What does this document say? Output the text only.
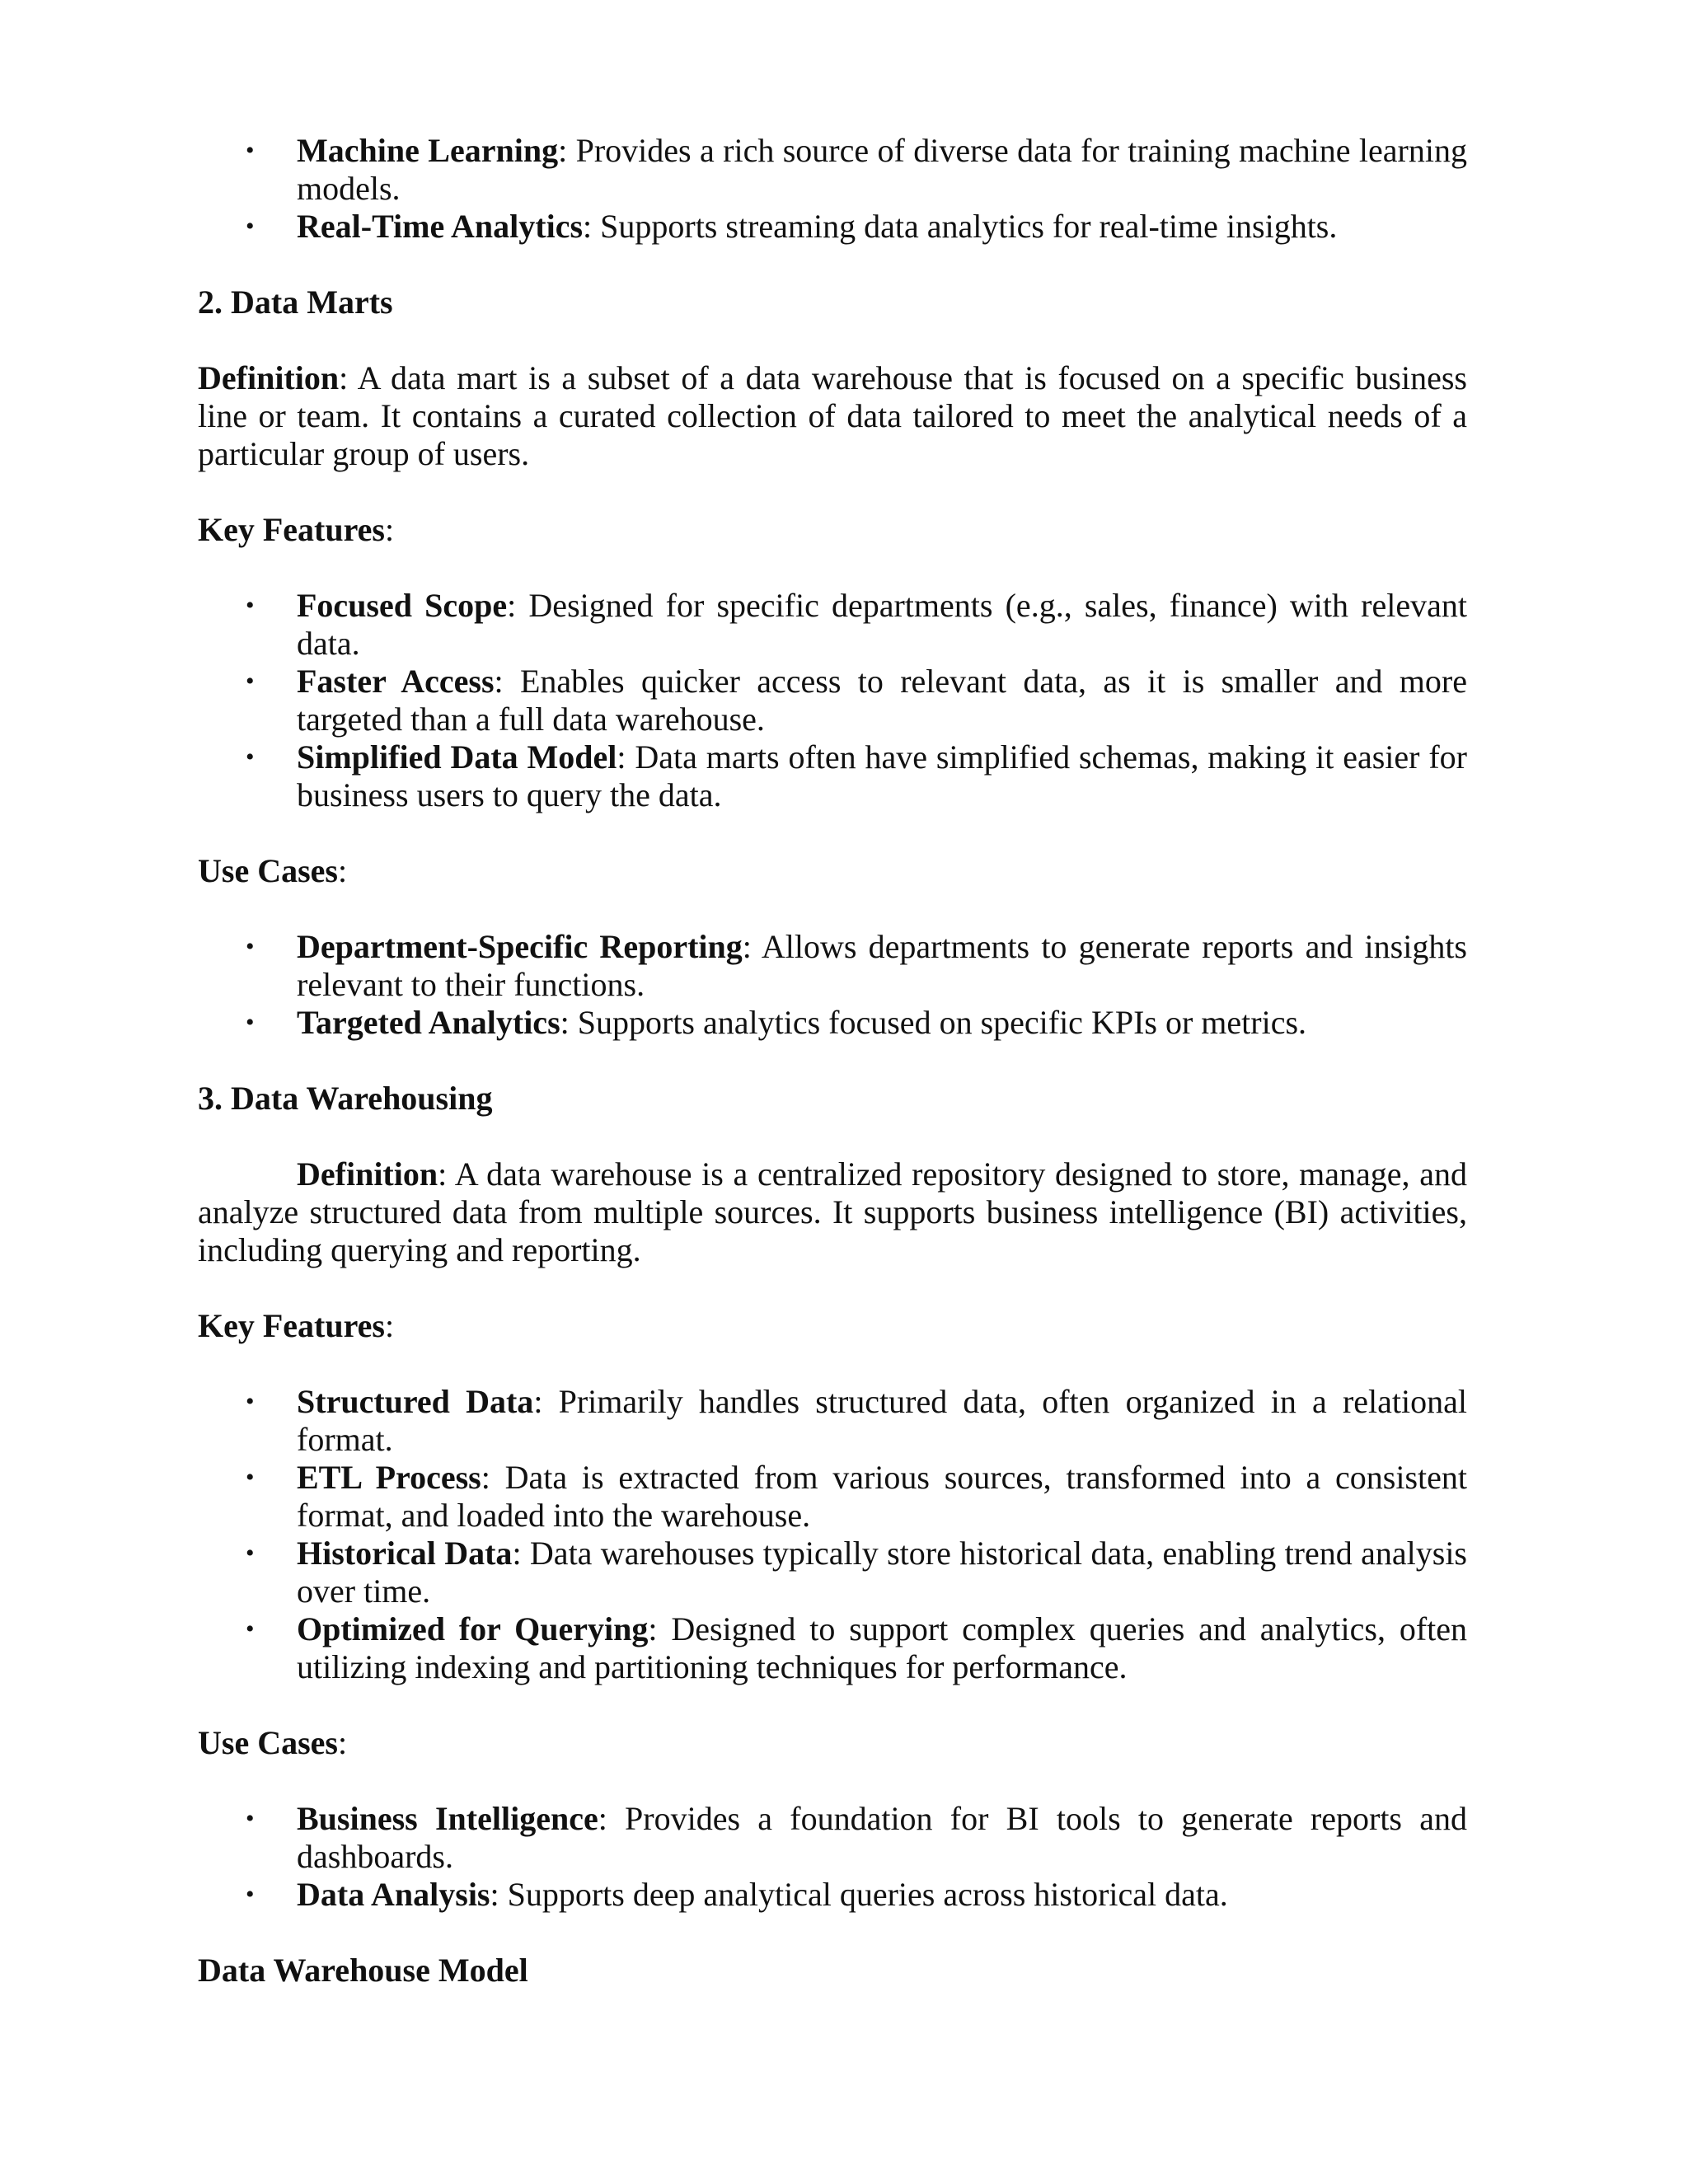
• Machine Learning: Provides a rich source of diverse data for training machine learning models.
• Real-Time Analytics: Supports streaming data analytics for real-time insights.

2. Data Marts

Definition: A data mart is a subset of a data warehouse that is focused on a specific business line or team. It contains a curated collection of data tailored to meet the analytical needs of a particular group of users.

Key Features:

• Focused Scope: Designed for specific departments (e.g., sales, finance) with relevant data.
• Faster Access: Enables quicker access to relevant data, as it is smaller and more targeted than a full data warehouse.
• Simplified Data Model: Data marts often have simplified schemas, making it easier for business users to query the data.

Use Cases:

• Department-Specific Reporting: Allows departments to generate reports and insights relevant to their functions.
• Targeted Analytics: Supports analytics focused on specific KPIs or metrics.

3. Data Warehousing

Definition: A data warehouse is a centralized repository designed to store, manage, and analyze structured data from multiple sources. It supports business intelligence (BI) activities, including querying and reporting.

Key Features:

• Structured Data: Primarily handles structured data, often organized in a relational format.
• ETL Process: Data is extracted from various sources, transformed into a consistent format, and loaded into the warehouse.
• Historical Data: Data warehouses typically store historical data, enabling trend analysis over time.
• Optimized for Querying: Designed to support complex queries and analytics, often utilizing indexing and partitioning techniques for performance.

Use Cases:

• Business Intelligence: Provides a foundation for BI tools to generate reports and dashboards.
• Data Analysis: Supports deep analytical queries across historical data.

Data Warehouse Model
